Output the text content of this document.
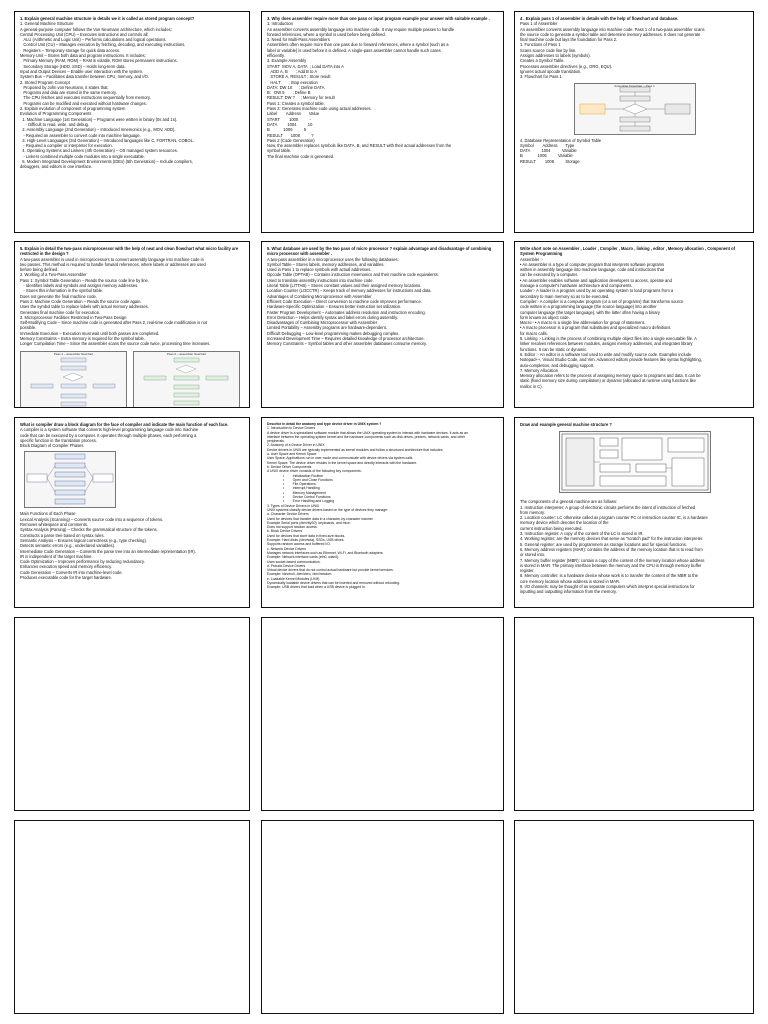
1. Explain general machine structure in details we it is called as stored program concept?

1. General Machine Structure

A general-purpose computer follows the Von Neumann architecture, which includes:

Central Processing Unit (CPU) – Executes instructions and controls all:

ALU (Arithmetic and Logic Unit) – Performs calculations and logical operations.

Control Unit (CU) – Manages execution by fetching, decoding, and executing instructions.

Registers – Temporary storage for quick data access.

Memory Unit – Stores both data and program instructions. It includes:

Primary Memory (RAM, ROM) – RAM is volatile, ROM stores permanent instructions.

Secondary Storage (HDD, SSD) – Holds long-term data.

Input and Output Devices – Enable user interaction with the system.

System Bus – Facilitates data transfer between CPU, memory, and I/O.

2. Stored Program Concept

Proposed by John von Neumann, it states that:

Programs and data are stored in the same memory.

The CPU fetches and executes instructions sequentially from memory.

Programs can be modified and executed without hardware changes.

2. Explain evolution of component of programming system

Evolution of Programming Components

1. Machine Language (1st Generation) – Programs were written in binary (0s and 1s).

- Difficult to read, write, and debug.

2. Assembly Language (2nd Generation) – Introduced mnemonics (e.g., MOV, ADD).

- Required an assembler to convert code into machine language.

3. High-Level Languages (3rd Generation) – Introduced languages like C, FORTRAN, COBOL.

- Required a compiler or interpreter for execution.

4. Operating Systems and Linkers (4th Generation) – OS managed system resources.

- Linkers combined multiple code modules into a single executable.

5. Modern Integrated Development Environments (IDEs) (5th Generation) – Include compilers,

debuggers, and editors in one interface.

3. Why does assembler require more than one pass or input program example your answer with suitable example .

1. Introduction

An assembler converts assembly language into machine code. It may require multiple passes to handle

forward references, where a symbol is used before being defined.

2. Need for Multi-Pass Assemblers

Assemblers often require more than one pass due to forward references, where a symbol (such as a

label or variable) is used before it is defined. A single-pass assembler cannot handle such cases

efficiently.

3. Example Assembly

START  MOV A, DATA  ; Load DATA into A

ADD A, B       ; Add B to A

STORE A, RESULT ; Store result

HALT       ; Stop execution

DATA: DW 10      ; Define DATA

B:   DW 5       ; Define B

RESULT: DW ?     ; Memory for result

Pass 1: Creates a symbol table.

Pass 2: Generates machine code using actual addresses.

Label        Address       Value

START        1000          -

DATA         1004          10

B            1006          5

RESULT       1008          ?

Pass 2 (Code Generation)

Now, the assembler replaces symbols like DATA, B, and RESULT with their actual addresses from the

symbol table.

The final machine code is generated.

4 . Explain pass 1 of assembler in details with the help of flowchart and database.

Pass 1 of Assembler

An assembler converts assembly language into machine code. Pass 1 of a two-pass assembler scans

the source code to generate a symbol table and determine memory addresses. It does not generate

final machine code but lays the foundation for Pass 2.

1. Functions of Pass 1

Scans source code line by line.

Assigns addresses to labels (symbols).

Creates a Symbol Table.

Processes assembler directives (e.g., ORG, EQU).

Ignores actual opcode translation.

3. Flowchart for Pass 1

Assembler Flowchart – Pass 1

4. Database Representation of Symbol Table

Symbol        Address       Type

DATA          1004          Variable

B             1006          Variable

RESULT        1008          Storage

5. Explain in detail the two-pass microprocessor with the help of neat and clean flowchart what micro facility are restricted in the design ?

A two-pass assembler is used in microprocessors to convert assembly language into machine code in

two passes. This method is required to handle forward references, where labels or addresses are used

before being defined.

2. Working of a Two-Pass Assembler

Pass 1: Symbol Table Generation – Reads the source code line by line.

- Identifies labels and symbols and assigns memory addresses.

- Stores this information in the symbol table.

Does not generate the final machine code.

Pass 2: Machine Code Generation – Reads the source code again.

Uses the symbol table to replace labels with actual memory addresses.

Generates final machine code for execution.

3. Microprocessor Facilities Restricted in Two-Pass Design

Self-Modifying Code – Since machine code is generated after Pass 2, real-time code modification is not

possible.

Immediate Execution – Execution must wait until both passes are completed.

Memory Constraints – Extra memory is required for the symbol table.

Longer Compilation Time – Since the assembler scans the source code twice, processing time increases.

Pass 1 – assembler flowchart	Pass 2 – assembler flowchart

5. What database are used by the two pass of micro processor ? explain advantage and disadvantage of combining micro processor with assembler .

A two-pass assembler in a microprocessor uses the following databases:

Symbol Table – Stores labels, memory addresses, and variables.

Used in Pass 1 to replace symbols with actual addresses.

Opcode Table (OPTAB) – Contains instruction mnemonics and their machine code equivalents.

Used to translate assembly instructions into machine code.

Literal Table (LITTAB) – Stores constant values and their assigned memory locations.

Location Counter (LOCCTR) – Keeps track of memory addresses for instructions and data.

Advantages of Combining Microprocessor with Assembler

Efficient Code Execution – Direct conversion to machine code improves performance.

Hardware-Specific Optimization – Ensures better instruction set utilization.

Faster Program Development – Automates address resolution and instruction encoding.

Error Detection – Helps identify syntax and label errors during assembly.

Disadvantages of Combining Microprocessor with Assembler

Limited Portability – Assembly programs are hardware-dependent.

Difficult Debugging – Low-level programming makes debugging complex.

Increased Development Time – Requires detailed knowledge of processor architecture.

Memory Constraints – Symbol tables and other assembler databases consume memory.

Write short note on Assembler , Loader , Compiler , Macro , linking , editor , Memory allocation , Component of System Programming

Assembler :-

• An assembler is a type of computer program that interprets software programs

written in assembly language into machine language, code and instructions that

can be executed by a computer.

• An assembler enables software and application developers to access, operate and

manage a computer's hardware architecture and components.

Loader:- A loader is a program used by an operating system to load programs from a

secondary to main memory so as to be executed.

Compiler:- A compiler is a computer program (or a set of programs) that transforms source

code written in a programming language (the source language) into another

computer language (the target language), with the latter often having a binary

form known as object code.

Macro:- • A macro is a single line abbreviation for group of statement.

• A macro processor is a program that substitutes and specialized macro definitions

for macro calls.

5. Linking :- Linking is the process of combining multiple object files into a single executable file. A

linker resolves references between modules, assigns memory addresses, and integrates library

functions. It can be static or dynamic.

6. Editor :- An editor is a software tool used to write and modify source code. Examples include

Notepad++, Visual Studio Code, and Vim. Advanced editors provide features like syntax highlighting,

auto-completion, and debugging support.

7. Memory Allocation

Memory allocation refers to the process of assigning memory space to programs and data. It can be

static (fixed memory size during compilation) or dynamic (allocated at runtime using functions like

malloc in C).

What is compiler draw a block diagram for the face of compiler and indicate the main function of each face.

A compiler is a system software that converts high-level programming language code into machine

code that can be executed by a computer. It operates through multiple phases, each performing a

specific function in the translation process.

Block Diagram of Compiler Phases

Main Functions of Each Phase

Lexical Analysis (Scanning) – Converts source code into a sequence of tokens.

Removes whitespace and comments.

Syntax Analysis (Parsing) – Checks the grammatical structure of the tokens.

Constructs a parse tree based on syntax rules.

Semantic Analysis – Ensures logical correctness (e.g., type checking).

Detects semantic errors (e.g., undeclared variables).

Intermediate Code Generation – Converts the parse tree into an intermediate representation (IR).

IR is independent of the target machine.

Code Optimization – Improves performance by reducing redundancy.

Enhances execution speed and memory efficiency.

Code Generation – Converts IR into machine-level code.

Produces executable code for the target hardware.

Describe in detail the anatomy and type device driver in UNIX system ?

1. Introduction to Device Drivers

A device driver is a specialized software module that allows the UNIX operating system to interact with hardware devices. It acts as an

interface between the operating system kernel and the hardware components such as disk drives, printers, network cards, and other

peripherals.

2. Anatomy of a Device Driver in UNIX

Device drivers in UNIX are typically implemented as kernel modules and follow a structured architecture that includes:

a. User Space and Kernel Space

User Space: Applications run in user mode and communicate with device drivers via system calls.

Kernel Space: The device driver resides in the kernel space and directly interacts with the hardware.

b. Device Driver Components

A UNIX device driver consists of the following key components:

•         Initialization Routine

•         Open and Close Functions

•         File Operations

•         Interrupt Handling

•         Memory Management

•         Device Control Functions

•         Error Handling and Logging

3. Types of Device Drivers in UNIX

UNIX systems classify device drivers based on the type of devices they manage:

a. Character Device Drivers

Used for devices that transfer data in a character-by-character manner.

Example Serial ports (/dev/ttyS0), keyboards, and mice.

Does not support random access.

b. Block Device Drivers

Used for devices that store data in fixed-size blocks.

Example: Hard disks (/dev/sda), SSDs, USB drives.

Supports random access and buffered I/O.

c. Network Device Drivers

Manages network interfaces such as Ethernet, Wi-Fi, and Bluetooth adapters.

Example: Network interface cards (eth0, wlan0).

Uses socket-based communication.

d. Pseudo Device Drivers

Virtual device drivers that do not control actual hardware but provide kernel services.

Example: /dev/null, /dev/zero, /dev/random.

e. Loadable Kernel Modules (LKM)

Dynamically loadable device drivers that can be inserted and removed without rebooting.

Example: USB drivers that load when a USB device is plugged in.

Draw and example general machine structure ?

The components of a general machine are as follows:

1. Instruction interpreter: A group of electronic circuits performs the intent of instruction of fetched

from memory.

2. Location counter: LC otherwise called as program counter PC or instruction counter IC, is a hardware

memory device which denotes the location of the

current instruction being executed.

3. Instruction register: A copy of the content of the LC is stored in IR.

4. Working register: are the memory devices that serve as "scratch pad" for the instruction interpreter.

5. General register: are used by programmers as storage locations and for special functions.

6. Memory address registers (MAR): contains the address of the memory location that is to read from

or stored into.

7. Memory buffer register (MBR): contain a copy of the content of the memory location whose address

is stored in MAR. The primary interface between the memory and the CPU is through memory buffer

register.

8. Memory controller: is a hardware device whose work is to transfer the content of the MBR to the

core memory location whose address is stored in MAR.

9. I/O channels: may be thought of as separate computers which interpret special instructions for

inputting and outputting information from the memory.
